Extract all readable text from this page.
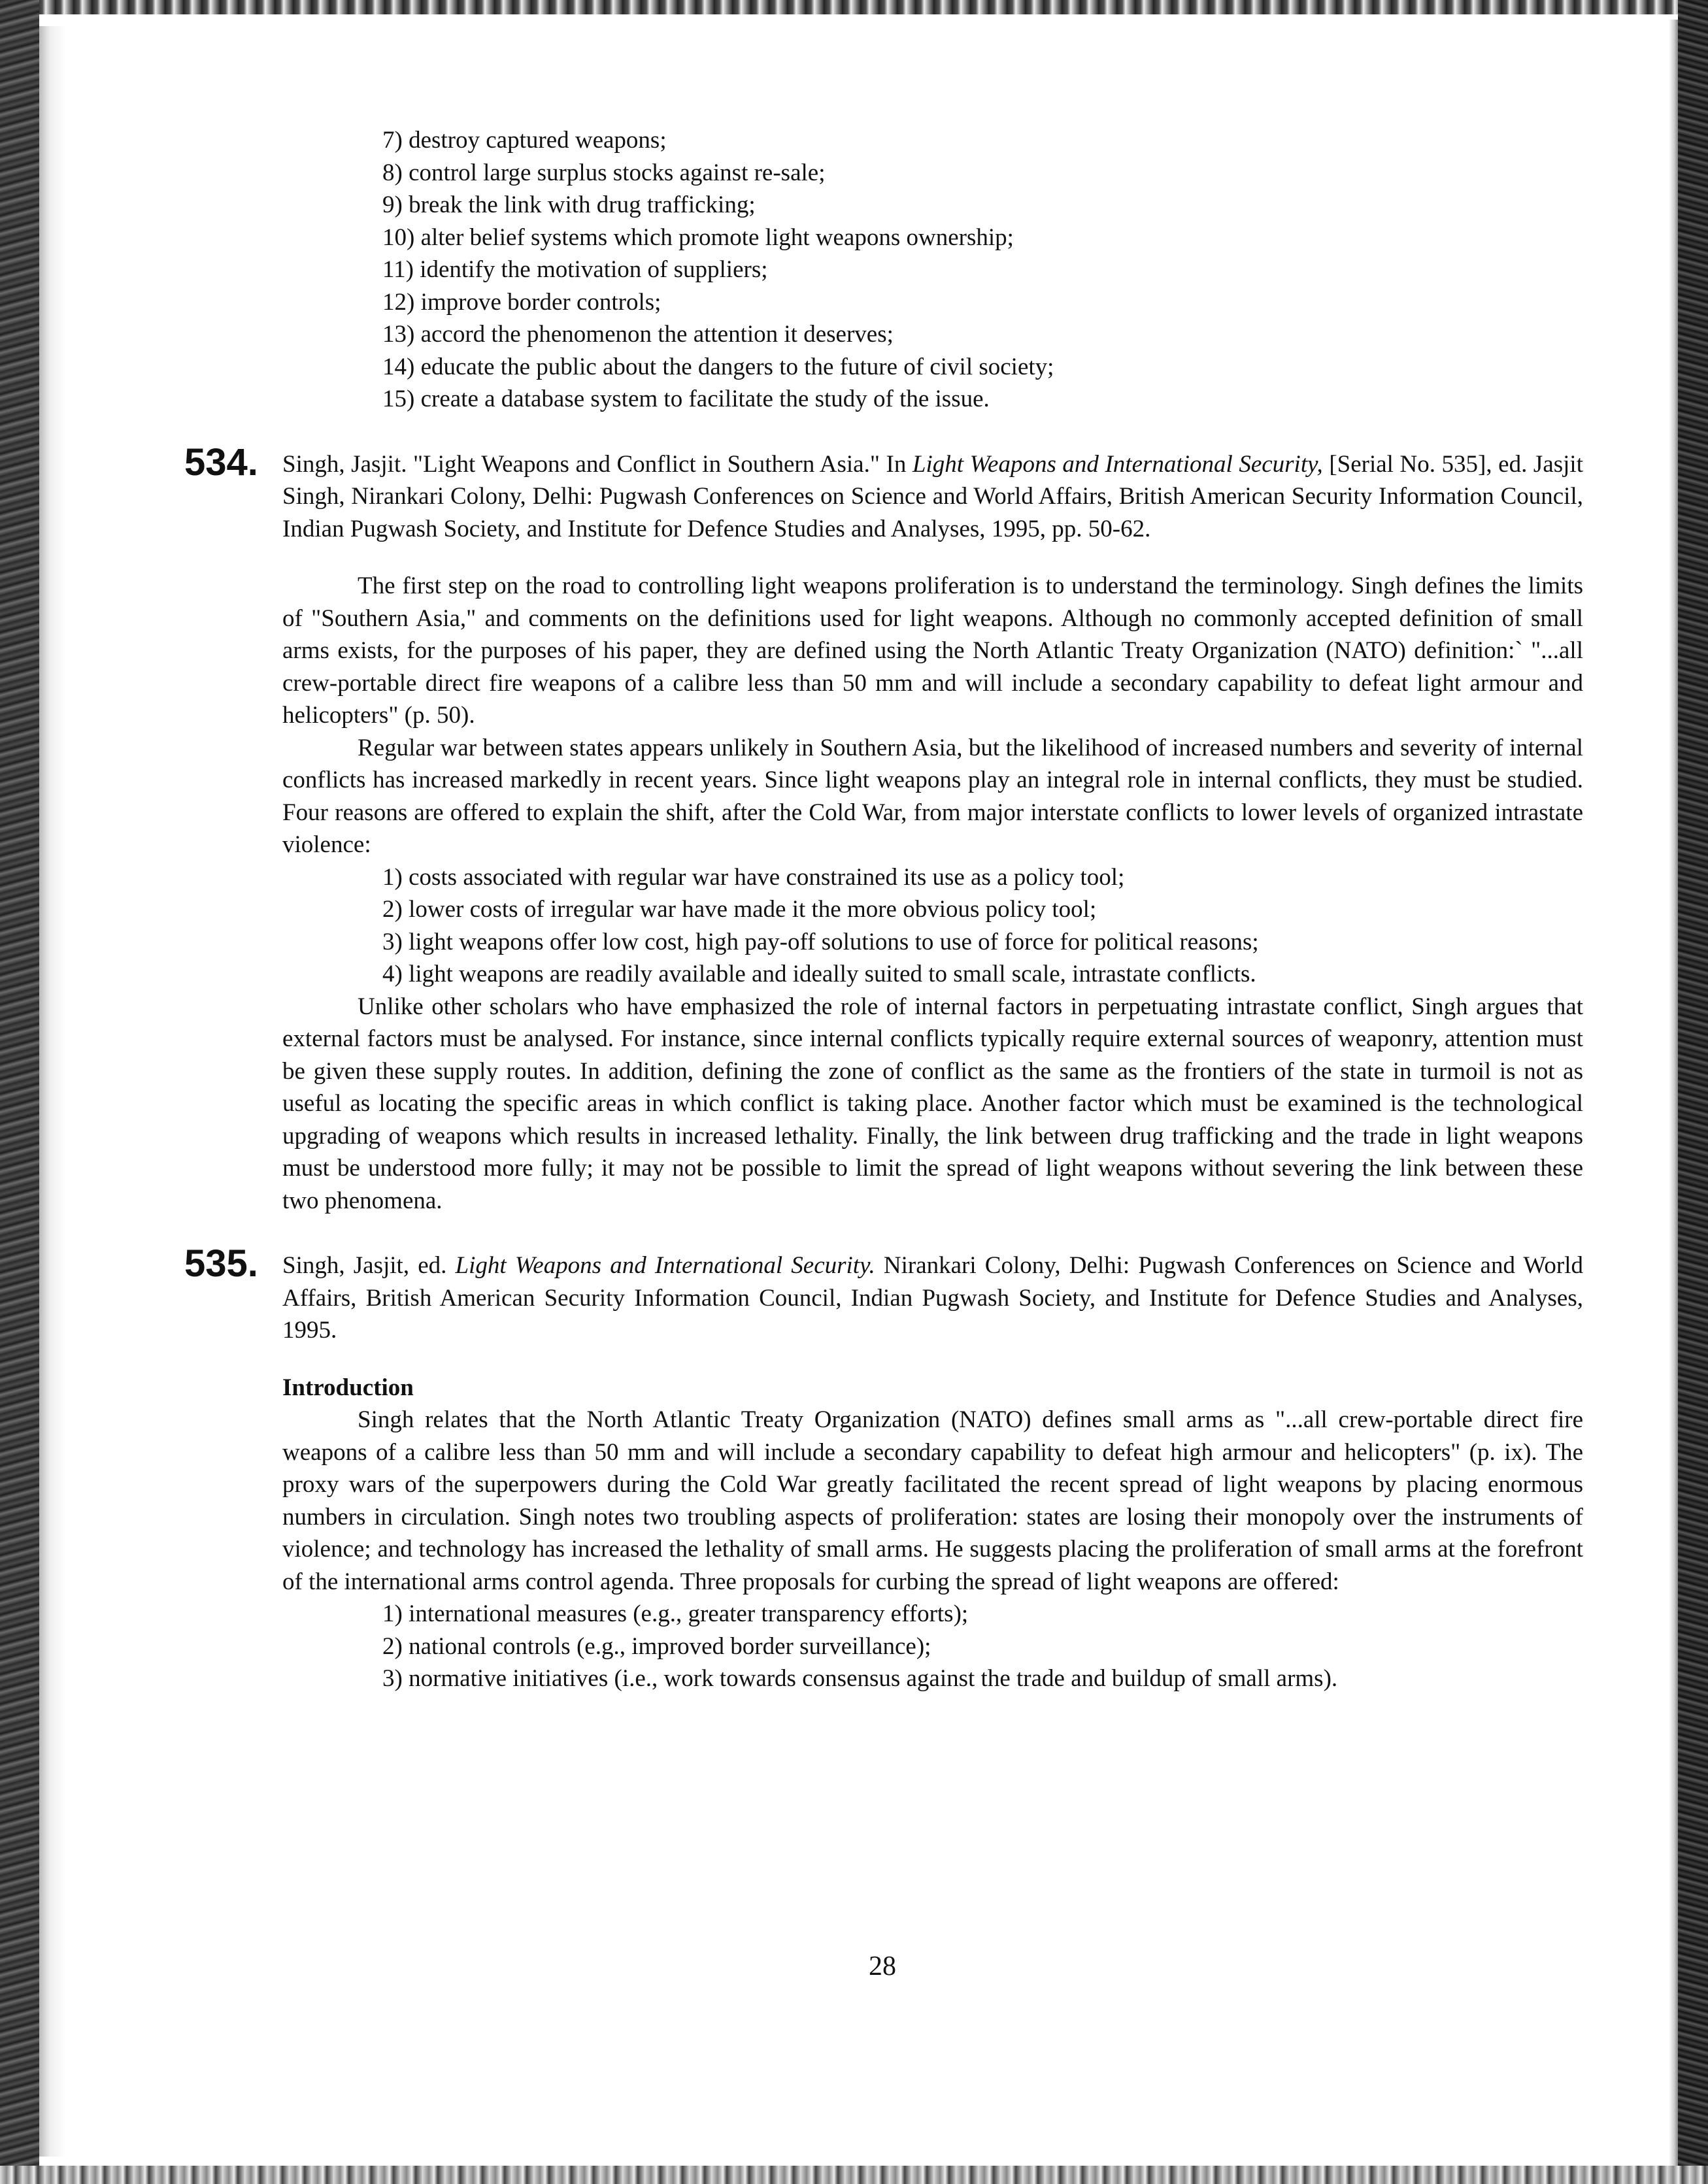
7) destroy captured weapons;
8) control large surplus stocks against re-sale;
9) break the link with drug trafficking;
10) alter belief systems which promote light weapons ownership;
11) identify the motivation of suppliers;
12) improve border controls;
13) accord the phenomenon the attention it deserves;
14) educate the public about the dangers to the future of civil society;
15) create a database system to facilitate the study of the issue.
534. Singh, Jasjit. "Light Weapons and Conflict in Southern Asia." In Light Weapons and International Security, [Serial No. 535], ed. Jasjit Singh, Nirankari Colony, Delhi: Pugwash Conferences on Science and World Affairs, British American Security Information Council, Indian Pugwash Society, and Institute for Defence Studies and Analyses, 1995, pp. 50-62.

The first step on the road to controlling light weapons proliferation is to understand the terminology. Singh defines the limits of "Southern Asia," and comments on the definitions used for light weapons. Although no commonly accepted definition of small arms exists, for the purposes of his paper, they are defined using the North Atlantic Treaty Organization (NATO) definition:` "...all crew-portable direct fire weapons of a calibre less than 50 mm and will include a secondary capability to defeat light armour and helicopters" (p. 50).

Regular war between states appears unlikely in Southern Asia, but the likelihood of increased numbers and severity of internal conflicts has increased markedly in recent years. Since light weapons play an integral role in internal conflicts, they must be studied. Four reasons are offered to explain the shift, after the Cold War, from major interstate conflicts to lower levels of organized intrastate violence:

1) costs associated with regular war have constrained its use as a policy tool;
2) lower costs of irregular war have made it the more obvious policy tool;
3) light weapons offer low cost, high pay-off solutions to use of force for political reasons;
4) light weapons are readily available and ideally suited to small scale, intrastate conflicts.

Unlike other scholars who have emphasized the role of internal factors in perpetuating intrastate conflict, Singh argues that external factors must be analysed. For instance, since internal conflicts typically require external sources of weaponry, attention must be given these supply routes. In addition, defining the zone of conflict as the same as the frontiers of the state in turmoil is not as useful as locating the specific areas in which conflict is taking place. Another factor which must be examined is the technological upgrading of weapons which results in increased lethality. Finally, the link between drug trafficking and the trade in light weapons must be understood more fully; it may not be possible to limit the spread of light weapons without severing the link between these two phenomena.

535. Singh, Jasjit, ed. Light Weapons and International Security. Nirankari Colony, Delhi: Pugwash Conferences on Science and World Affairs, British American Security Information Council, Indian Pugwash Society, and Institute for Defence Studies and Analyses, 1995.

Introduction

Singh relates that the North Atlantic Treaty Organization (NATO) defines small arms as "...all crew-portable direct fire weapons of a calibre less than 50 mm and will include a secondary capability to defeat high armour and helicopters" (p. ix). The proxy wars of the superpowers during the Cold War greatly facilitated the recent spread of light weapons by placing enormous numbers in circulation. Singh notes two troubling aspects of proliferation: states are losing their monopoly over the instruments of violence; and technology has increased the lethality of small arms. He suggests placing the proliferation of small arms at the forefront of the international arms control agenda. Three proposals for curbing the spread of light weapons are offered:

1) international measures (e.g., greater transparency efforts);
2) national controls (e.g., improved border surveillance);
3) normative initiatives (i.e., work towards consensus against the trade and buildup of small arms).
28
